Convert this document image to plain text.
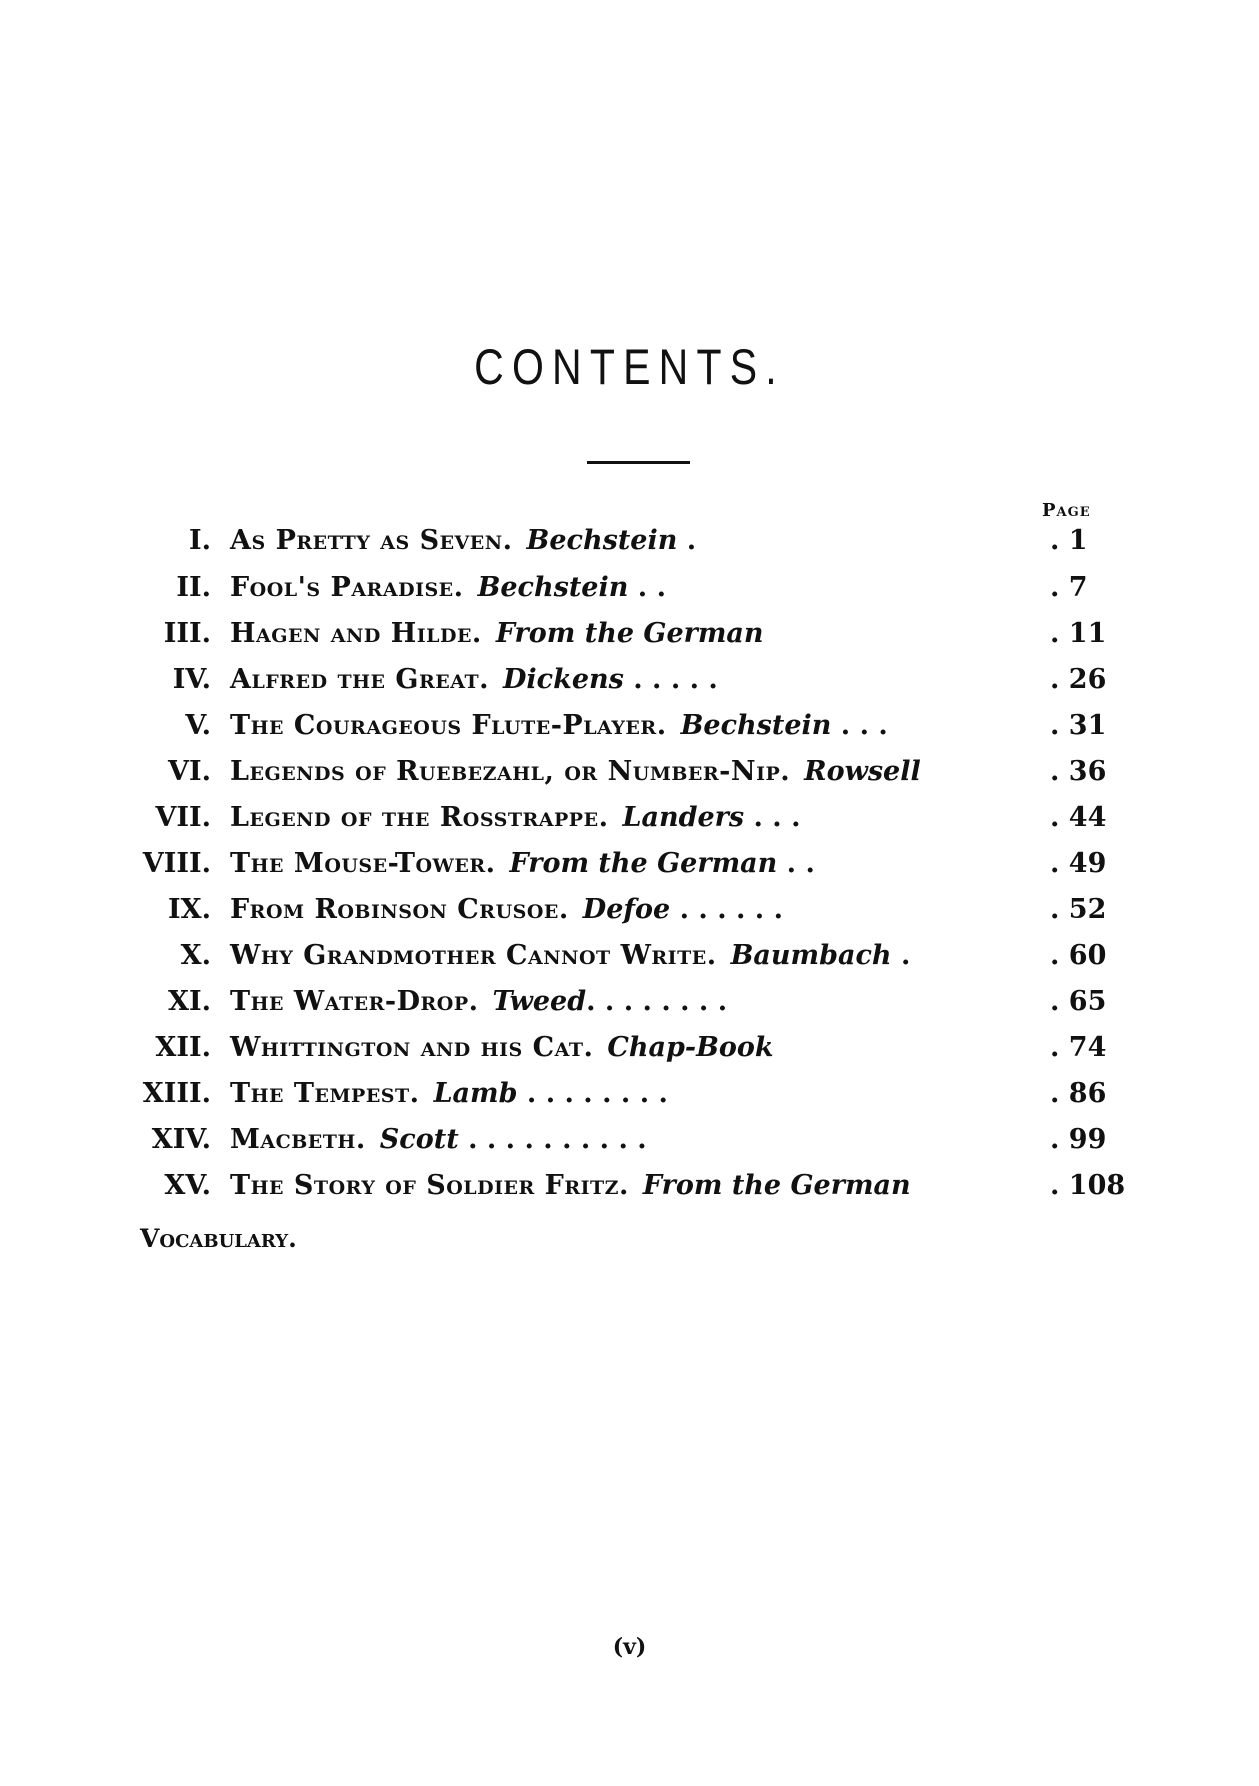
CONTENTS.
Page
I. As Pretty as Seven. Bechstein .	. 1
II. Fool's Paradise. Bechstein . .	. 7
III. Hagen and Hilde. From the German	. 11
IV. Alfred the Great. Dickens . . . . .	. 26
V. The Courageous Flute-Player. Bechstein . . .	. 31
VI. Legends of Ruebezahl, or Number-Nip. Rowsell	. 36
VII. Legend of the Rosstrappe. Landers . . .	. 44
VIII. The Mouse-Tower. From the German . .	. 49
IX. From Robinson Crusoe. Defoe . . . . . .	. 52
X. Why Grandmother Cannot Write. Baumbach .	. 60
XI. The Water-Drop. Tweed. . . . . . . .	. 65
XII. Whittington and his Cat. Chap-Book	. 74
XIII. The Tempest. Lamb . . . . . . . .	. 86
XIV. Macbeth. Scott . . . . . . . . . .	. 99
XV. The Story of Soldier Fritz. From the German	. 108
Vocabulary.
(v)
